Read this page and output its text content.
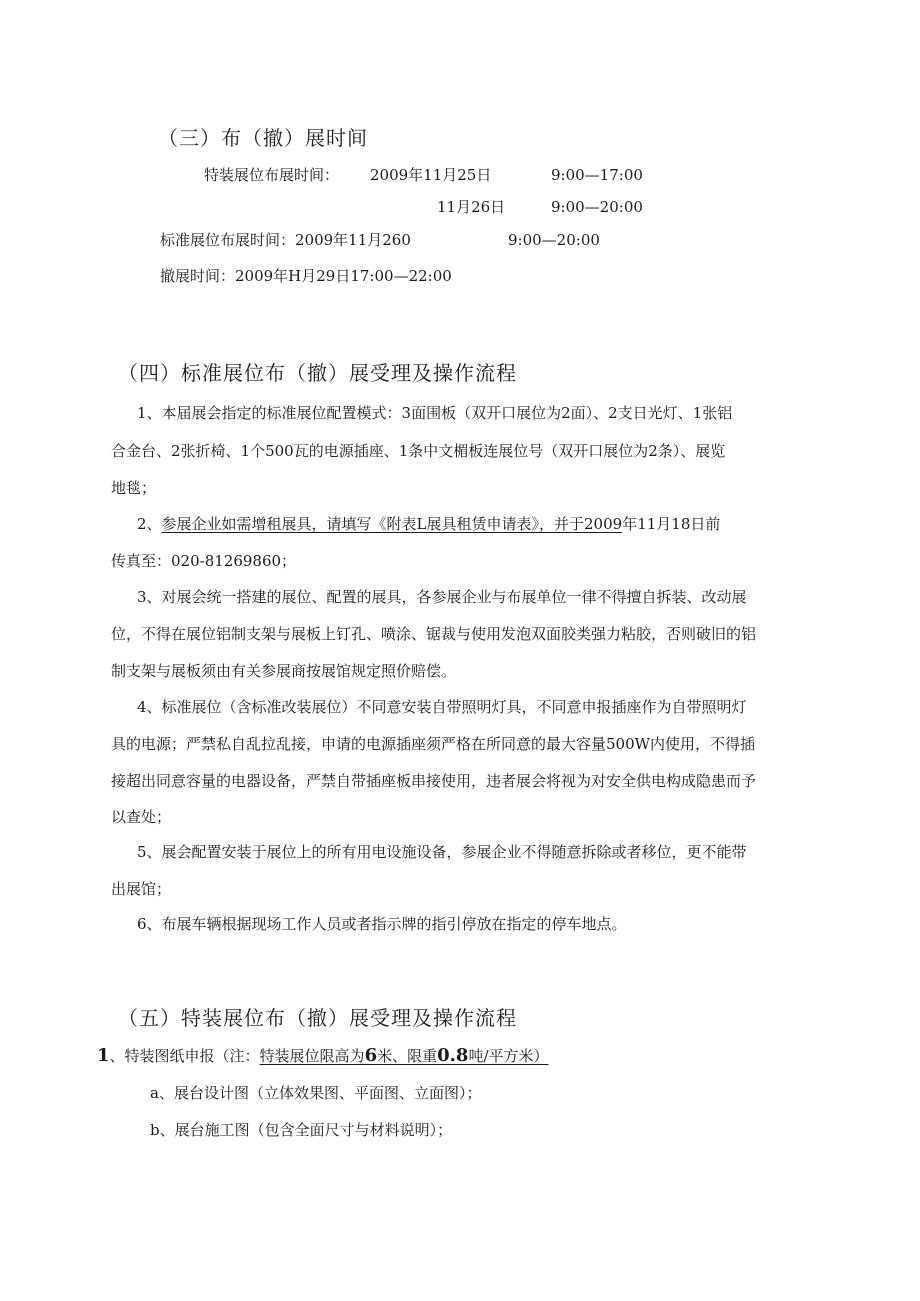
（三）布（撤）展时间
特装展位布展时间： 2009年11月25日	9:00—17:00
11月26日	9:00—20:00
标准展位布展时间：2009年11月260	9:00—20:00
撤展时间：2009年H月29日17:00—22:00
（四）标准展位布（撤）展受理及操作流程
1、本届展会指定的标准展位配置模式：3面围板（双开口展位为2面）、2支日光灯、1张铝
合金台、2张折椅、1个500瓦的电源插座、1条中文楣板连展位号（双开口展位为2条）、展览
地毯；
2、参展企业如需增租展具，请填写《附表L展具租赁申请表》，并于2009年11月18日前
传真至：020-81269860；
3、对展会统一搭建的展位、配置的展具，各参展企业与布展单位一律不得擅自拆装、改动展
位，不得在展位铝制支架与展板上钉孔、喷涂、锯裁与使用发泡双面胶类强力粘胶，否则破旧的铝
制支架与展板须由有关参展商按展馆规定照价赔偿。
4、标准展位（含标准改装展位）不同意安装自带照明灯具，不同意申报插座作为自带照明灯
具的电源；严禁私自乱拉乱接，申请的电源插座须严格在所同意的最大容量500W内使用，不得插
接超出同意容量的电器设备，严禁自带插座板串接使用，违者展会将视为对安全供电构成隐患而予
以查处；
5、展会配置安装于展位上的所有用电设施设备，参展企业不得随意拆除或者移位，更不能带
出展馆；
6、布展车辆根据现场工作人员或者指示牌的指引停放在指定的停车地点。
（五）特装展位布（撤）展受理及操作流程
1、特装图纸申报（注：特装展位限高为6米、限重0.8吨/平方米）
a、展台设计图（立体效果图、平面图、立面图）；
b、展台施工图（包含全面尺寸与材料说明）；
